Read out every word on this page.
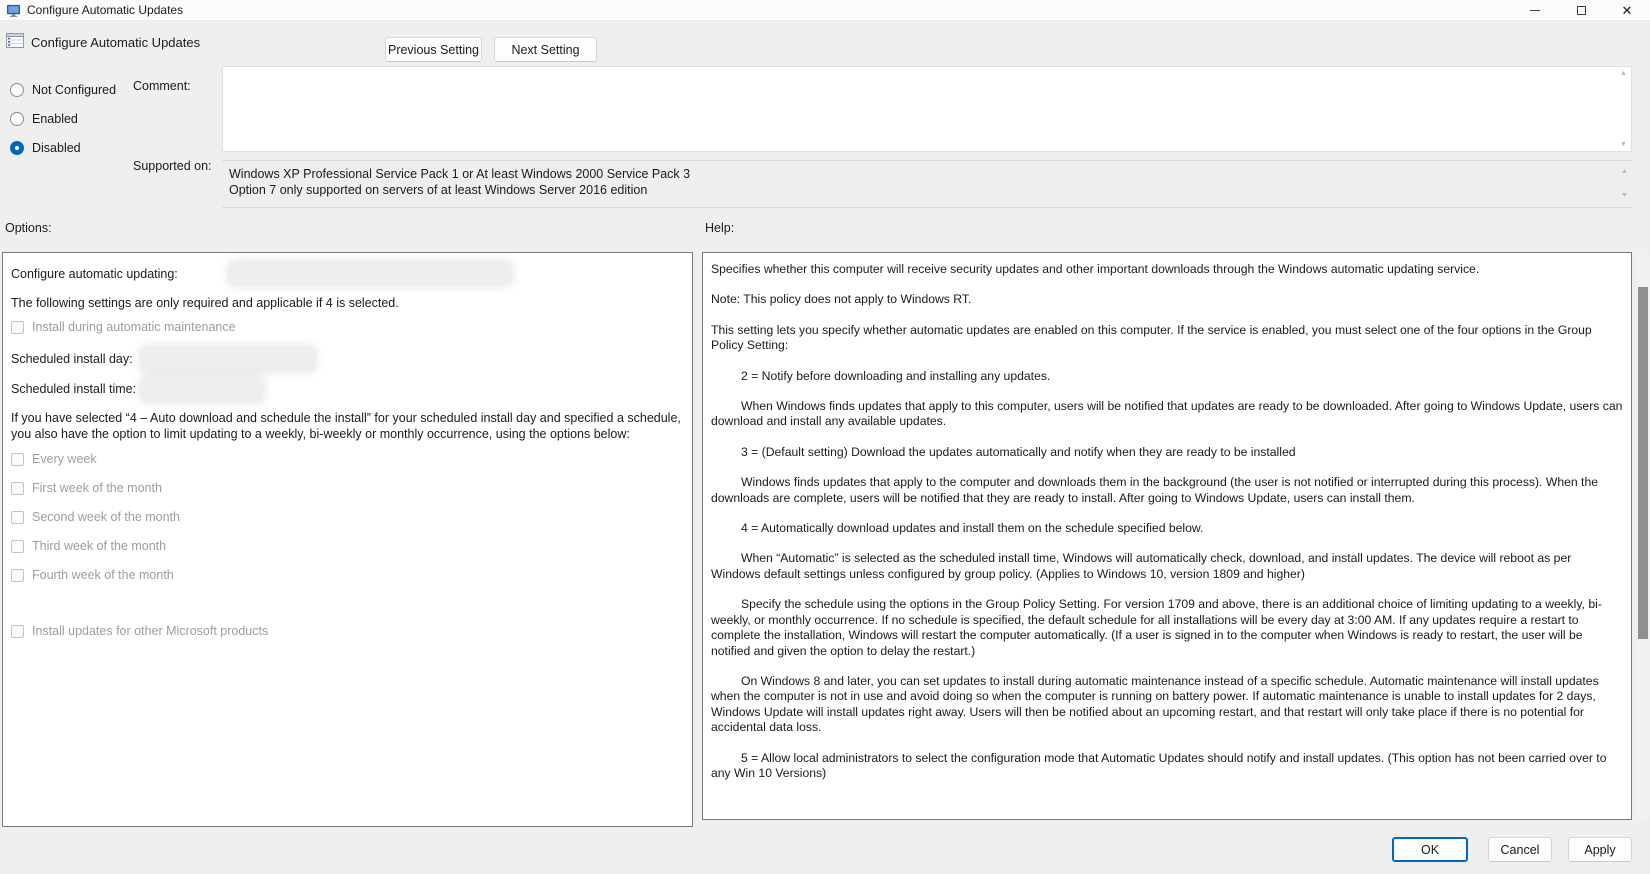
Configure Automatic Updates	✕
Configure Automatic Updates	Previous Setting	Next Setting
Not Configured
Enabled
Disabled
Comment:
▲
▼
Supported on:
Windows XP Professional Service Pack 1 or At least Windows 2000 Service Pack 3
Option 7 only supported on servers of at least Windows Server 2016 edition
▲
▼
Options:	Help:
Configure automatic updating:
The following settings are only required and applicable if 4 is selected.
Install during automatic maintenance
Scheduled install day:
Scheduled install time:
If you have selected “4 – Auto download and schedule the install” for your scheduled install day and specified a schedule, you also have the option to limit updating to a weekly, bi-weekly or monthly occurrence, using the options below:
Every week
First week of the month
Second week of the month
Third week of the month
Fourth week of the month
Install updates for other Microsoft products

Specifies whether this computer will receive security updates and other important downloads through the Windows automatic updating service.

Note: This policy does not apply to Windows RT.

This setting lets you specify whether automatic updates are enabled on this computer. If the service is enabled, you must select one of the four options in the Group Policy Setting:

2 = Notify before downloading and installing any updates.

When Windows finds updates that apply to this computer, users will be notified that updates are ready to be downloaded. After going to Windows Update, users can download and install any available updates.

3 = (Default setting) Download the updates automatically and notify when they are ready to be installed

Windows finds updates that apply to the computer and downloads them in the background (the user is not notified or interrupted during this process). When the downloads are complete, users will be notified that they are ready to install. After going to Windows Update, users can install them.

4 = Automatically download updates and install them on the schedule specified below.

When “Automatic” is selected as the scheduled install time, Windows will automatically check, download, and install updates. The device will reboot as per Windows default settings unless configured by group policy. (Applies to Windows 10, version 1809 and higher)

Specify the schedule using the options in the Group Policy Setting. For version 1709 and above, there is an additional choice of limiting updating to a weekly, bi-weekly, or monthly occurrence. If no schedule is specified, the default schedule for all installations will be every day at 3:00 AM. If any updates require a restart to complete the installation, Windows will restart the computer automatically. (If a user is signed in to the computer when Windows is ready to restart, the user will be notified and given the option to delay the restart.)

On Windows 8 and later, you can set updates to install during automatic maintenance instead of a specific schedule. Automatic maintenance will install updates when the computer is not in use and avoid doing so when the computer is running on battery power. If automatic maintenance is unable to install updates for 2 days, Windows Update will install updates right away. Users will then be notified about an upcoming restart, and that restart will only take place if there is no potential for accidental data loss.

5 = Allow local administrators to select the configuration mode that Automatic Updates should notify and install updates. (This option has not been carried over to any Win 10 Versions)

OK	Cancel	Apply
